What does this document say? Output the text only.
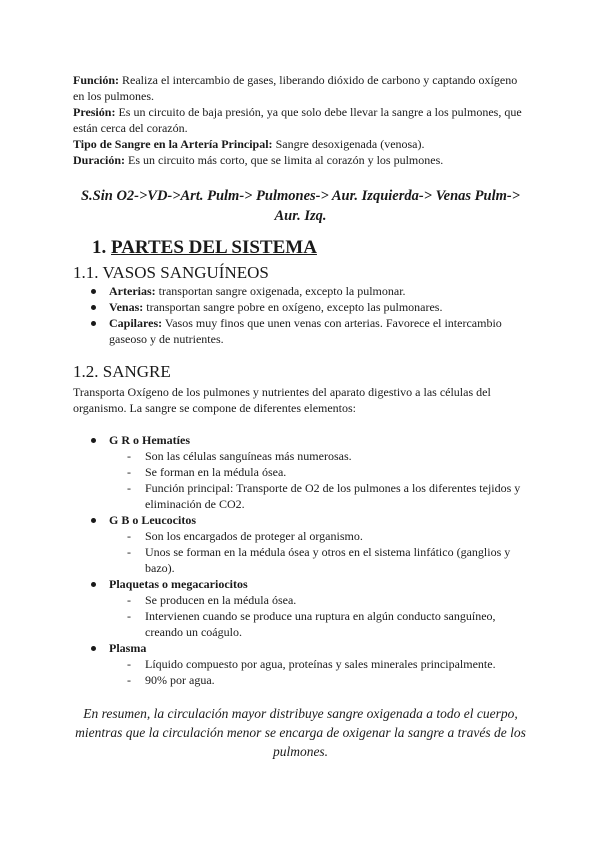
Función: Realiza el intercambio de gases, liberando dióxido de carbono y captando oxígeno en los pulmones.

Presión: Es un circuito de baja presión, ya que solo debe llevar la sangre a los pulmones, que están cerca del corazón.

Tipo de Sangre en la Artería Principal: Sangre desoxigenada (venosa).

Duración: Es un circuito más corto, que se limita al corazón y los pulmones.

S.Sin O2->VD->Art. Pulm-> Pulmones-> Aur. Izquierda-> Venas Pulm-> Aur. Izq.
1. PARTES DEL SISTEMA
1.1. VASOS SANGUÍNEOS
Arterias: transportan sangre oxigenada, excepto la pulmonar.
Venas: transportan sangre pobre en oxígeno, excepto las pulmonares.
Capilares: Vasos muy finos que unen venas con arterias. Favorece el intercambio gaseoso y de nutrientes.
1.2. SANGRE
Transporta Oxígeno de los pulmones y nutrientes del aparato digestivo a las células del organismo. La sangre se compone de diferentes elementos:
G R o Hematíes
- Son las células sanguíneas más numerosas.
- Se forman en la médula ósea.
- Función principal: Transporte de O2 de los pulmones a los diferentes tejidos y eliminación de CO2.
G B o Leucocitos
- Son los encargados de proteger al organismo.
- Unos se forman en la médula ósea y otros en el sistema linfático (ganglios y bazo).
Plaquetas o megacariocitos
- Se producen en la médula ósea.
- Intervienen cuando se produce una ruptura en algún conducto sanguíneo, creando un coágulo.
Plasma
- Líquido compuesto por agua, proteínas y sales minerales principalmente.
- 90% por agua.
En resumen, la circulación mayor distribuye sangre oxigenada a todo el cuerpo, mientras que la circulación menor se encarga de oxigenar la sangre a través de los pulmones.
